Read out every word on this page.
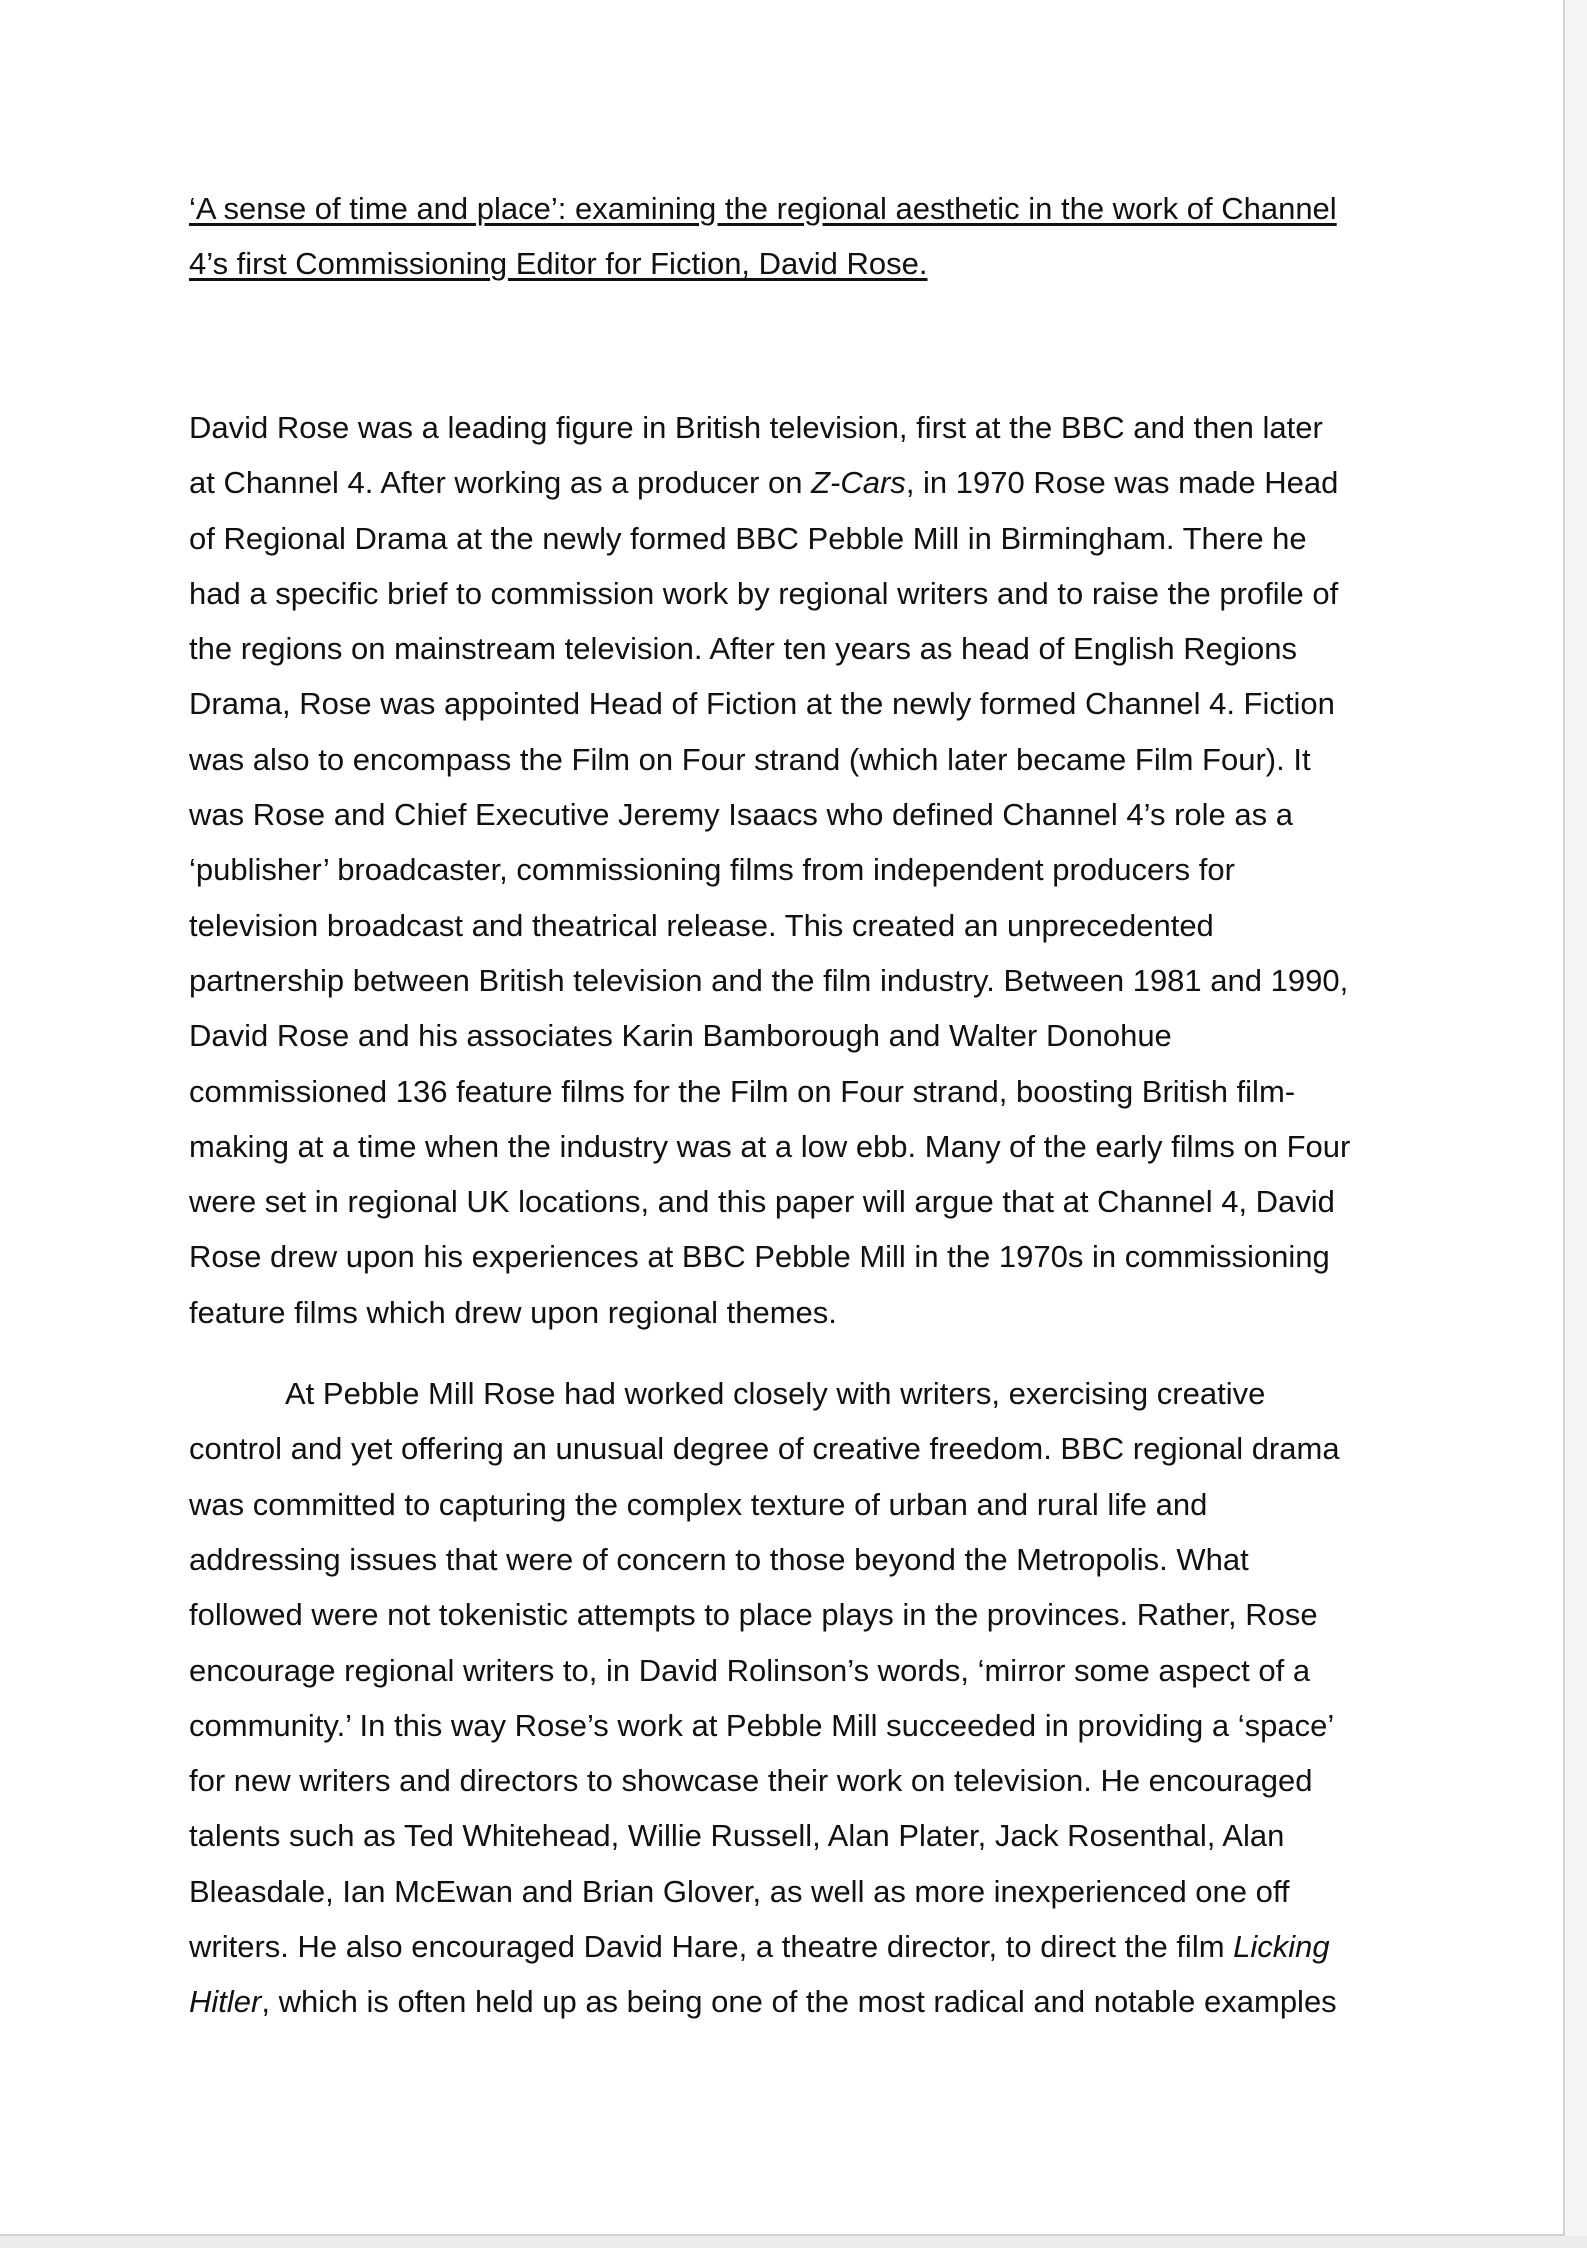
‘A sense of time and place’: examining the regional aesthetic in the work of Channel
4’s first Commissioning Editor for Fiction, David Rose.

David Rose was a leading figure in British television, first at the BBC and then later
at Channel 4. After working as a producer on Z-Cars, in 1970 Rose was made Head
of Regional Drama at the newly formed BBC Pebble Mill in Birmingham. There he
had a specific brief to commission work by regional writers and to raise the profile of
the regions on mainstream television. After ten years as head of English Regions
Drama, Rose was appointed Head of Fiction at the newly formed Channel 4. Fiction
was also to encompass the Film on Four strand (which later became Film Four). It
was Rose and Chief Executive Jeremy Isaacs who defined Channel 4’s role as a
‘publisher’ broadcaster, commissioning films from independent producers for
television broadcast and theatrical release. This created an unprecedented
partnership between British television and the film industry. Between 1981 and 1990,
David Rose and his associates Karin Bamborough and Walter Donohue
commissioned 136 feature films for the Film on Four strand, boosting British film-
making at a time when the industry was at a low ebb. Many of the early films on Four
were set in regional UK locations, and this paper will argue that at Channel 4, David
Rose drew upon his experiences at BBC Pebble Mill in the 1970s in commissioning
feature films which drew upon regional themes.

At Pebble Mill Rose had worked closely with writers, exercising creative
control and yet offering an unusual degree of creative freedom. BBC regional drama
was committed to capturing the complex texture of urban and rural life and
addressing issues that were of concern to those beyond the Metropolis. What
followed were not tokenistic attempts to place plays in the provinces. Rather, Rose
encourage regional writers to, in David Rolinson’s words, ‘mirror some aspect of a
community.’ In this way Rose’s work at Pebble Mill succeeded in providing a ‘space’
for new writers and directors to showcase their work on television. He encouraged
talents such as Ted Whitehead, Willie Russell, Alan Plater, Jack Rosenthal, Alan
Bleasdale, Ian McEwan and Brian Glover, as well as more inexperienced one off
writers. He also encouraged David Hare, a theatre director, to direct the film Licking
Hitler, which is often held up as being one of the most radical and notable examples
